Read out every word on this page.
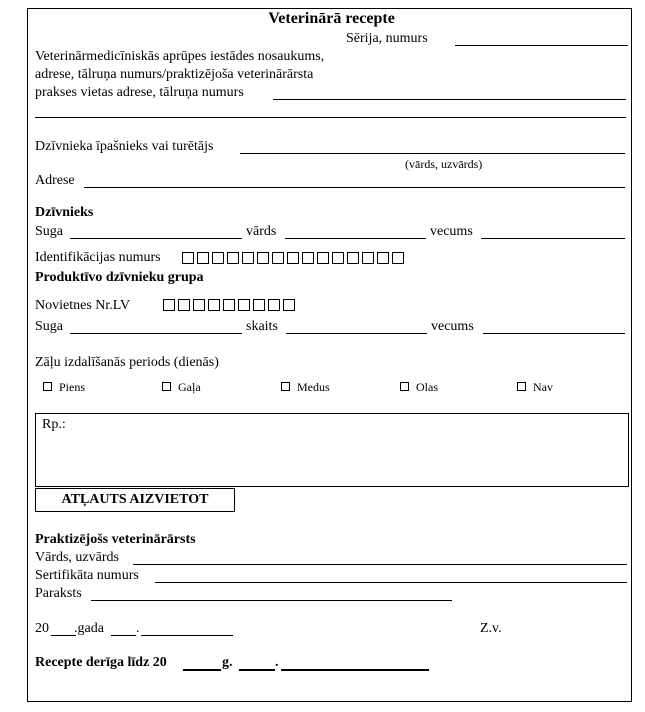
Veterinārā recepte
Sērija, numurs
Veterinārmedicīniskās aprūpes iestādes nosaukums,
adrese, tālruņa numurs/praktizējoša veterinārārsta
prakses vietas adrese, tālruņa numurs
Dzīvnieka īpašnieks vai turētājs
(vārds, uzvārds)
Adrese
Dzīvnieks
Suga	vārds	vecums
Identifikācijas numurs
Produktīvo dzīvnieku grupa
Novietnes Nr.LV
Suga	skaits	vecums
Zāļu izdalīšanās periods (dienās)
Piens	Gaļa	Medus	Olas	Nav
Rp.:
ATĻAUTS AIZVIETOT
Praktizējošs veterinārārsts
Vārds, uzvārds
Sertifikāta numurs
Paraksts
20 .gada .	Z.v.
Recepte derīga līdz 20	g.	.
